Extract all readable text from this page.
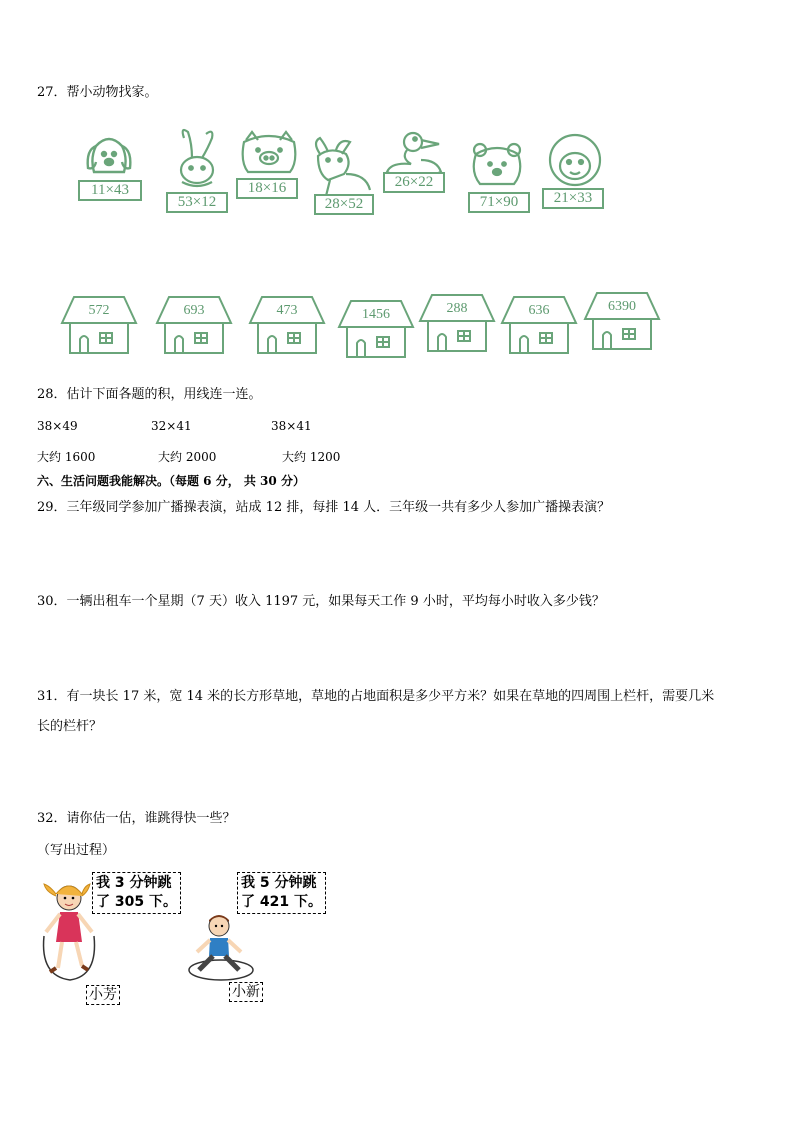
27．帮小动物找家。
11×43
53×12
18×16
28×52
26×22
71×90	21×33
572	693	473	1456	288	636	6390
28．估计下面各题的积，用线连一连。
38×49	32×41	38×41
大约 1600	大约 2000	大约 1200
六、生活问题我能解决。（每题 6 分， 共 30 分）
29．三年级同学参加广播操表演，站成 12 排，每排 14 人．三年级一共有多少人参加广播操表演？
30．一辆出租车一个星期（7 天）收入 1197 元，如果每天工作 9 小时，平均每小时收入多少钱？
31．有一块长 17 米，宽 14 米的长方形草地，草地的占地面积是多少平方米？如果在草地的四周围上栏杆，需要几米
长的栏杆？
32．请你估一估，谁跳得快一些？
（写出过程）
我 3 分钟跳
了 305 下。
小芳
我 5 分钟跳
了 421 下。
小新
